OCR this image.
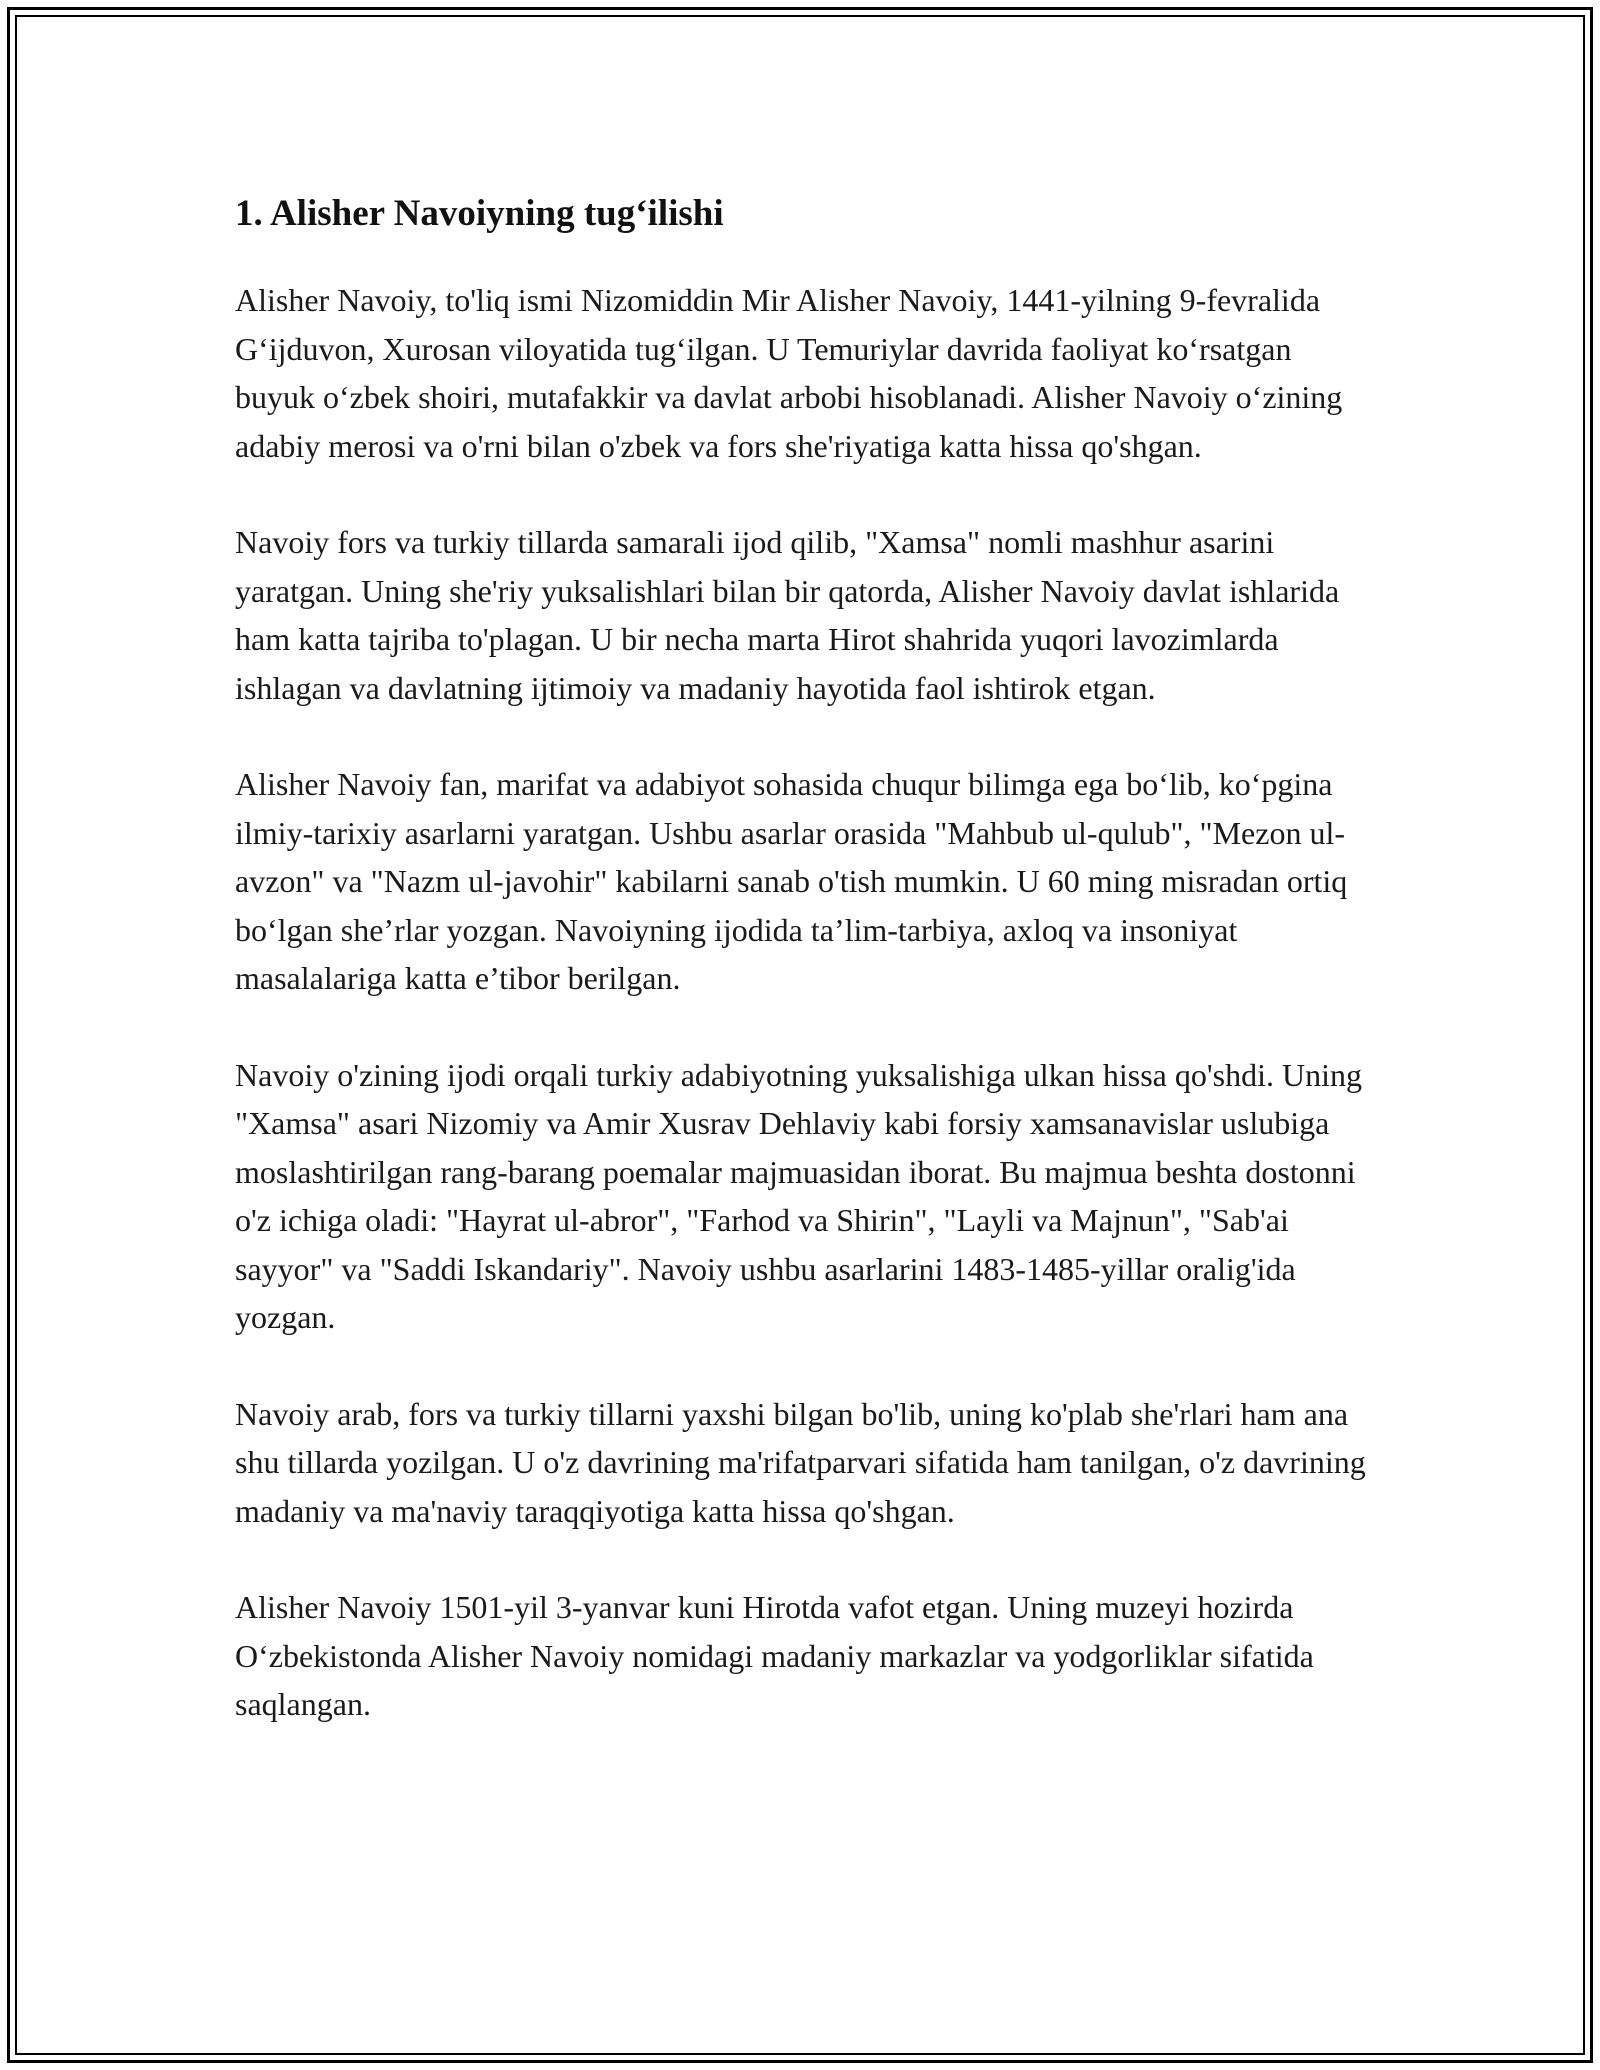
1. Alisher Navoiyning tug‘ilishi

Alisher Navoiy, to'liq ismi Nizomiddin Mir Alisher Navoiy, 1441-yilning 9-fevralida G‘ijduvon, Xurosan viloyatida tug‘ilgan. U Temuriylar davrida faoliyat ko‘rsatgan buyuk o‘zbek shoiri, mutafakkir va davlat arbobi hisoblanadi. Alisher Navoiy o‘zining adabiy merosi va o'rni bilan o'zbek va fors she'riyatiga katta hissa qo'shgan.

Navoiy fors va turkiy tillarda samarali ijod qilib, "Xamsa" nomli mashhur asarini yaratgan. Uning she'riy yuksalishlari bilan bir qatorda, Alisher Navoiy davlat ishlarida ham katta tajriba to'plagan. U bir necha marta Hirot shahrida yuqori lavozimlarda ishlagan va davlatning ijtimoiy va madaniy hayotida faol ishtirok etgan.

Alisher Navoiy fan, marifat va adabiyot sohasida chuqur bilimga ega bo‘lib, ko‘pgina ilmiy-tarixiy asarlarni yaratgan. Ushbu asarlar orasida "Mahbub ul-qulub", "Mezon ul-avzon" va "Nazm ul-javohir" kabilarni sanab o'tish mumkin. U 60 ming misradan ortiq bo‘lgan she’rlar yozgan. Navoiyning ijodida ta’lim-tarbiya, axloq va insoniyat masalalariga katta e’tibor berilgan.

Navoiy o'zining ijodi orqali turkiy adabiyotning yuksalishiga ulkan hissa qo'shdi. Uning "Xamsa" asari Nizomiy va Amir Xusrav Dehlaviy kabi forsiy xamsanavislar uslubiga moslashtirilgan rang-barang poemalar majmuasidan iborat. Bu majmua beshta dostonni o'z ichiga oladi: "Hayrat ul-abror", "Farhod va Shirin", "Layli va Majnun", "Sab'ai sayyor" va "Saddi Iskandariy". Navoiy ushbu asarlarini 1483-1485-yillar oralig'ida yozgan.

Navoiy arab, fors va turkiy tillarni yaxshi bilgan bo'lib, uning ko'plab she'rlari ham ana shu tillarda yozilgan. U o'z davrining ma'rifatparvari sifatida ham tanilgan, o'z davrining madaniy va ma'naviy taraqqiyotiga katta hissa qo'shgan.

Alisher Navoiy 1501-yil 3-yanvar kuni Hirotda vafot etgan. Uning muzeyi hozirda O‘zbekistonda Alisher Navoiy nomidagi madaniy markazlar va yodgorliklar sifatida saqlangan.
